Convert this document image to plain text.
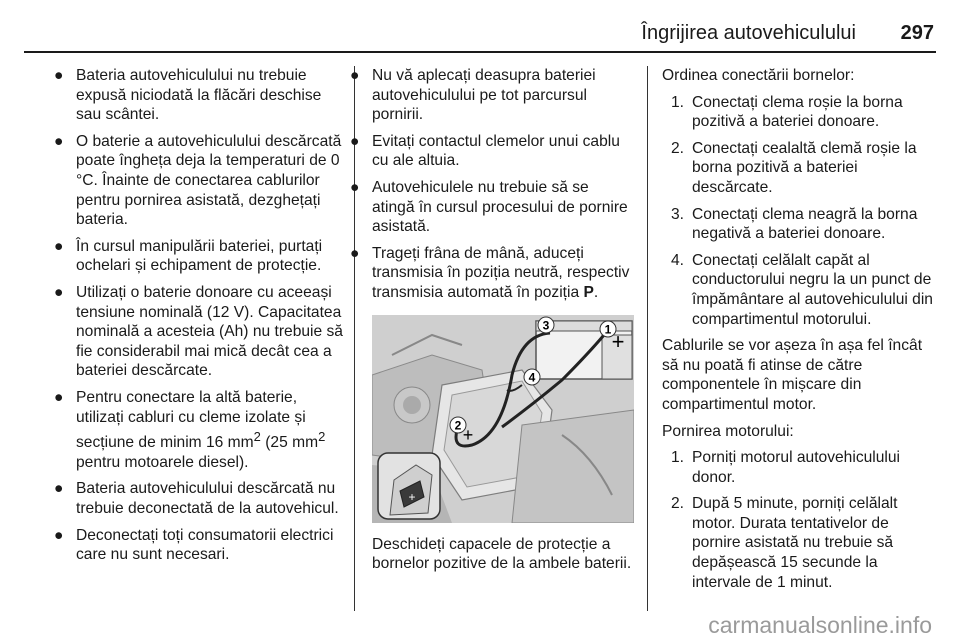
Îngrijirea autovehiculului 297
● Bateria autovehiculului nu trebuie expusă niciodată la flăcări deschise sau scântei.
● O baterie a autovehiculului descărcată poate îngheța deja la temperaturi de 0 °C. Înainte de conectarea cablurilor pentru pornirea asistată, dezghețați bateria.
● În cursul manipulării bateriei, purtați ochelari și echipament de protecție.
● Utilizați o baterie donoare cu aceeași tensiune nominală (12 V). Capacitatea nominală a acesteia (Ah) nu trebuie să fie considerabil mai mică decât cea a bateriei descărcate.
● Pentru conectare la altă baterie, utilizați cabluri cu cleme izolate și secțiune de minim 16 $mm^2$ (25 $mm^2$ pentru motoarele diesel).
● Bateria autovehiculului descărcată nu trebuie deconectată de la autovehicul.
● Deconectați toți consumatorii electrici care nu sunt necesari.
● Nu vă aplecați deasupra bateriei autovehiculului pe tot parcursul pornirii.
● Evitați contactul clemelor unui cablu cu ale altuia.
● Autovehiculele nu trebuie să se atingă în cursul procesului de pornire asistată.
● Trageți frâna de mână, aduceți transmisia în poziția neutră, respectiv transmisia automată în poziția P.
1 +
3
4
2 +
+

Deschideți capacele de protecție a bornelor pozitive de la ambele baterii.

Ordinea conectării bornelor:

1. Conectați clema roșie la borna pozitivă a bateriei donoare.
2. Conectați cealaltă clemă roșie la borna pozitivă a bateriei descărcate.
3. Conectați clema neagră la borna negativă a bateriei donoare.
4. Conectați celălalt capăt al conductorului negru la un punct de împământare al autovehiculului din compartimentul motorului.

Cablurile se vor așeza în așa fel încât să nu poată fi atinse de către componentele în mișcare din compartimentul motor.

Pornirea motorului:

1. Porniți motorul autovehiculului donor.
2. După 5 minute, porniți celălalt motor. Durata tentativelor de pornire asistată nu trebuie să depășească 15 secunde la intervale de 1 minut.
carmanualsonline.info
